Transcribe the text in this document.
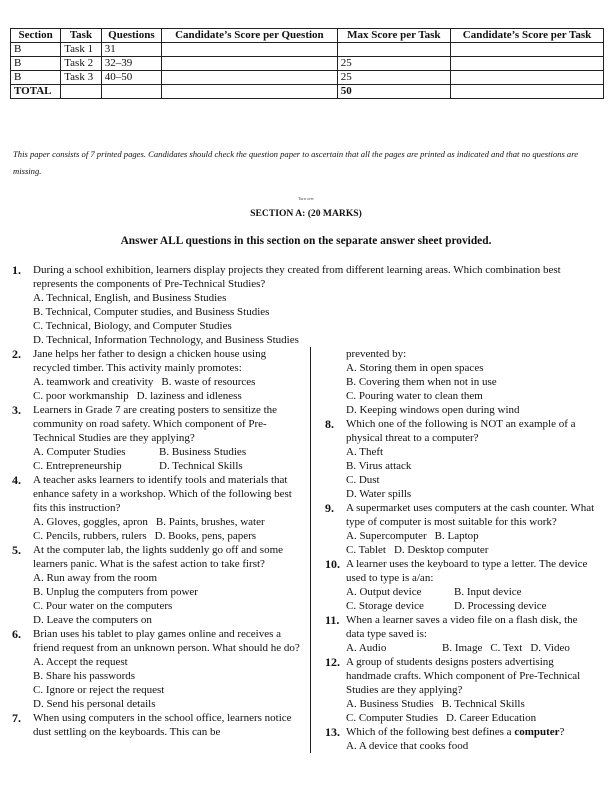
Section	Task	Questions	Candidate’s Score per Question	Max Score per Task	Candidate’s Score per Task
B	Task 1	31			
B	Task 2	32–39		25	
B	Task 3	40–50		25	
TOTAL				50	
This paper consists of 7 printed pages. Candidates should check the question paper to ascertain that all the pages are printed as indicated and that no questions are missing.
Turn over
SECTION A: (20 MARKS)
Answer ALL questions in this section on the separate answer sheet provided.
1. During a school exhibition, learners display projects they created from different learning areas. Which combination best represents the components of Pre-Technical Studies?
A. Technical, English, and Business Studies
B. Technical, Computer studies, and Business Studies
C. Technical, Biology, and Computer Studies
D. Technical, Information Technology, and Business Studies
2. Jane helps her father to design a chicken house using recycled timber. This activity mainly promotes:
A. teamwork and creativity B. waste of resources
C. poor workmanship D. laziness and idleness
3. Learners in Grade 7 are creating posters to sensitize the community on road safety. Which component of Pre-Technical Studies are they applying?
A. Computer Studies	B. Business Studies
C. Entrepreneurship	D. Technical Skills
4. A teacher asks learners to identify tools and materials that enhance safety in a workshop. Which of the following best fits this instruction?
A. Gloves, goggles, apron B. Paints, brushes, water
C. Pencils, rubbers, rulers D. Books, pens, papers
5. At the computer lab, the lights suddenly go off and some learners panic. What is the safest action to take first?
A. Run away from the room
B. Unplug the computers from power
C. Pour water on the computers
D. Leave the computers on
6. Brian uses his tablet to play games online and receives a friend request from an unknown person. What should he do?
A. Accept the request
B. Share his passwords
C. Ignore or reject the request
D. Send his personal details
7. When using computers in the school office, learners notice dust settling on the keyboards. This can be
prevented by:
A. Storing them in open spaces
B. Covering them when not in use
C. Pouring water to clean them
D. Keeping windows open during wind
8. Which one of the following is NOT an example of a physical threat to a computer?
A. Theft
B. Virus attack
C. Dust
D. Water spills
9. A supermarket uses computers at the cash counter. What type of computer is most suitable for this work?
A. Supercomputer B. Laptop
C. Tablet D. Desktop computer
10. A learner uses the keyboard to type a letter. The device used to type is a/an:
A. Output device	B. Input device
C. Storage device	D. Processing device
11. When a learner saves a video file on a flash disk, the data type saved is:
A. Audio	B. Image C. Text D. Video
12. A group of students designs posters advertising handmade crafts. Which component of Pre-Technical Studies are they applying?
A. Business Studies B. Technical Skills
C. Computer Studies D. Career Education
13. Which of the following best defines a computer?
A. A device that cooks food
